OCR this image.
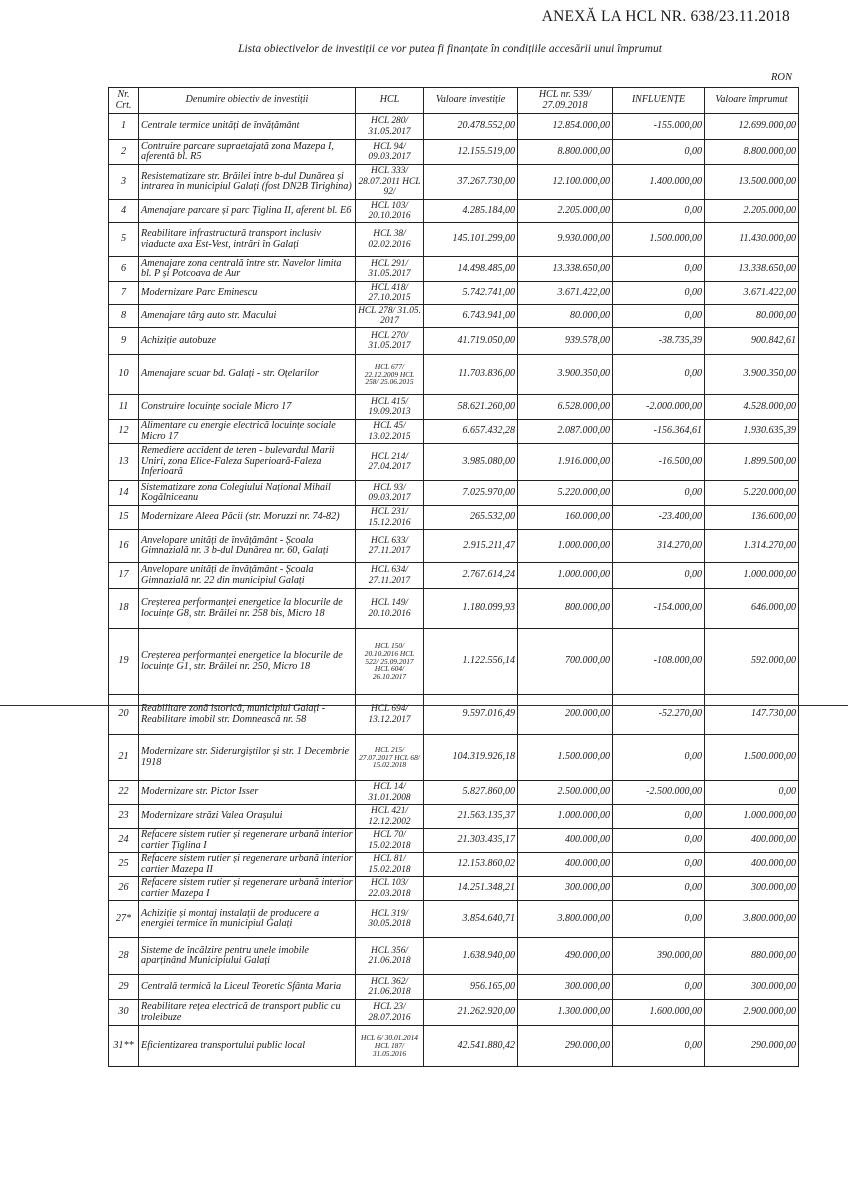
ANEXĂ LA HCL NR. 638/23.11.2018
Lista obiectivelor de investiții ce vor putea fi finanțate în condițiile accesării unui împrumut
RON
Nr. Crt.	Denumire obiectiv de investiții	HCL	Valoare investiție	HCL nr. 539/ 27.09.2018	INFLUENȚE	Valoare împrumut
1	Centrale termice unități de învățământ	HCL 280/ 31.05.2017	20.478.552,00	12.854.000,00	-155.000,00	12.699.000,00
2	Contruire parcare supraetajată zona Mazepa I, aferentă bl. R5	HCL 94/ 09.03.2017	12.155.519,00	8.800.000,00	0,00	8.800.000,00
3	Resistematizare str. Brăilei între b-dul Dunărea și intrarea în municipiul Galați (fost DN2B Tirighina)	HCL 333/ 28.07.2011 HCL 92/	37.267.730,00	12.100.000,00	1.400.000,00	13.500.000,00
4	Amenajare parcare și parc Țiglina II, aferent bl. E6	HCL 103/ 20.10.2016	4.285.184,00	2.205.000,00	0,00	2.205.000,00
5	Reabilitare infrastructură transport inclusiv viaducte axa Est-Vest, intrări în Galați	HCL 38/ 02.02.2016	145.101.299,00	9.930.000,00	1.500.000,00	11.430.000,00
6	Amenajare zona centrală între str. Navelor limita bl. P și Potcoava de Aur	HCL 291/ 31.05.2017	14.498.485,00	13.338.650,00	0,00	13.338.650,00
7	Modernizare Parc Eminescu	HCL 418/ 27.10.2015	5.742.741,00	3.671.422,00	0,00	3.671.422,00
8	Amenajare târg auto str. Macului	HCL 278/ 31.05. 2017	6.743.941,00	80.000,00	0,00	80.000,00
9	Achiziție autobuze	HCL 270/ 31.05.2017	41.719.050,00	939.578,00	-38.735,39	900.842,61
10	Amenajare scuar bd. Galați - str. Oțelarilor	HCL 677/ 22.12.2009 HCL 258/ 25.06.2015	11.703.836,00	3.900.350,00	0,00	3.900.350,00
11	Construire locuințe sociale Micro 17	HCL 415/ 19.09.2013	58.621.260,00	6.528.000,00	-2.000.000,00	4.528.000,00
12	Alimentare cu energie electrică locuințe sociale Micro 17	HCL 45/ 13.02.2015	6.657.432,28	2.087.000,00	-156.364,61	1.930.635,39
13	Remediere accident de teren - bulevardul Marii Uniri, zona Elice-Faleza Superioară-Faleza Inferioară	HCL 214/ 27.04.2017	3.985.080,00	1.916.000,00	-16.500,00	1.899.500,00
14	Sistematizare zona Colegiului Național Mihail Kogălniceanu	HCL 93/ 09.03.2017	7.025.970,00	5.220.000,00	0,00	5.220.000,00
15	Modernizare Aleea Păcii (str. Moruzzi nr. 74-82)	HCL 231/ 15.12.2016	265.532,00	160.000,00	-23.400,00	136.600,00
16	Anvelopare unități de învățământ - Școala Gimnazială nr. 3 b-dul Dunărea nr. 60, Galați	HCL 633/ 27.11.2017	2.915.211,47	1.000.000,00	314.270,00	1.314.270,00
17	Anvelopare unități de învățământ - Școala Gimnazială nr. 22 din municipiul Galați	HCL 634/ 27.11.2017	2.767.614,24	1.000.000,00	0,00	1.000.000,00
18	Creșterea performanței energetice la blocurile de locuințe G8, str. Brăilei nr. 258 bis, Micro 18	HCL 149/ 20.10.2016	1.180.099,93	800.000,00	-154.000,00	646.000,00
19	Creșterea performanței energetice la blocurile de locuințe G1, str. Brăilei nr. 250, Micro 18	HCL 150/ 20.10.2016 HCL 522/ 25.09.2017 HCL 604/ 26.10.2017	1.122.556,14	700.000,00	-108.000,00	592.000,00
20	Reabilitare zonă istorică, municipiul Galați - Reabilitare imobil str. Domnească nr. 58	HCL 694/ 13.12.2017	9.597.016,49	200.000,00	-52.270,00	147.730,00
21	Modernizare str. Siderurgiștilor și str. 1 Decembrie 1918	HCL 215/ 27.07.2017 HCL 68/ 15.02.2018	104.319.926,18	1.500.000,00	0,00	1.500.000,00
22	Modernizare str. Pictor Isser	HCL 14/ 31.01.2008	5.827.860,00	2.500.000,00	-2.500.000,00	0,00
23	Modernizare străzi Valea Orașului	HCL 421/ 12.12.2002	21.563.135,37	1.000.000,00	0,00	1.000.000,00
24	Refacere sistem rutier și regenerare urbană interior cartier Țiglina I	HCL 70/ 15.02.2018	21.303.435,17	400.000,00	0,00	400.000,00
25	Refacere sistem rutier și regenerare urbană interior cartier Mazepa II	HCL 81/ 15.02.2018	12.153.860,02	400.000,00	0,00	400.000,00
26	Refacere sistem rutier și regenerare urbană interior cartier Mazepa I	HCL 103/ 22.03.2018	14.251.348,21	300.000,00	0,00	300.000,00
27*	Achiziție și montaj instalații de producere a energiei termice în municipiul Galați	HCL 319/ 30.05.2018	3.854.640,71	3.800.000,00	0,00	3.800.000,00
28	Sisteme de încălzire pentru unele imobile aparținând Municipiului Galați	HCL 356/ 21.06.2018	1.638.940,00	490.000,00	390.000,00	880.000,00
29	Centrală termică la Liceul Teoretic Sfânta Maria	HCL 362/ 21.06.2018	956.165,00	300.000,00	0,00	300.000,00
30	Reabilitare rețea electrică de transport public cu troleibuze	HCL 23/ 28.07.2016	21.262.920,00	1.300.000,00	1.600.000,00	2.900.000,00
31**	Eficientizarea transportului public local	HCL 6/ 30.01.2014 HCL 187/ 31.05.2016	42.541.880,42	290.000,00	0,00	290.000,00
